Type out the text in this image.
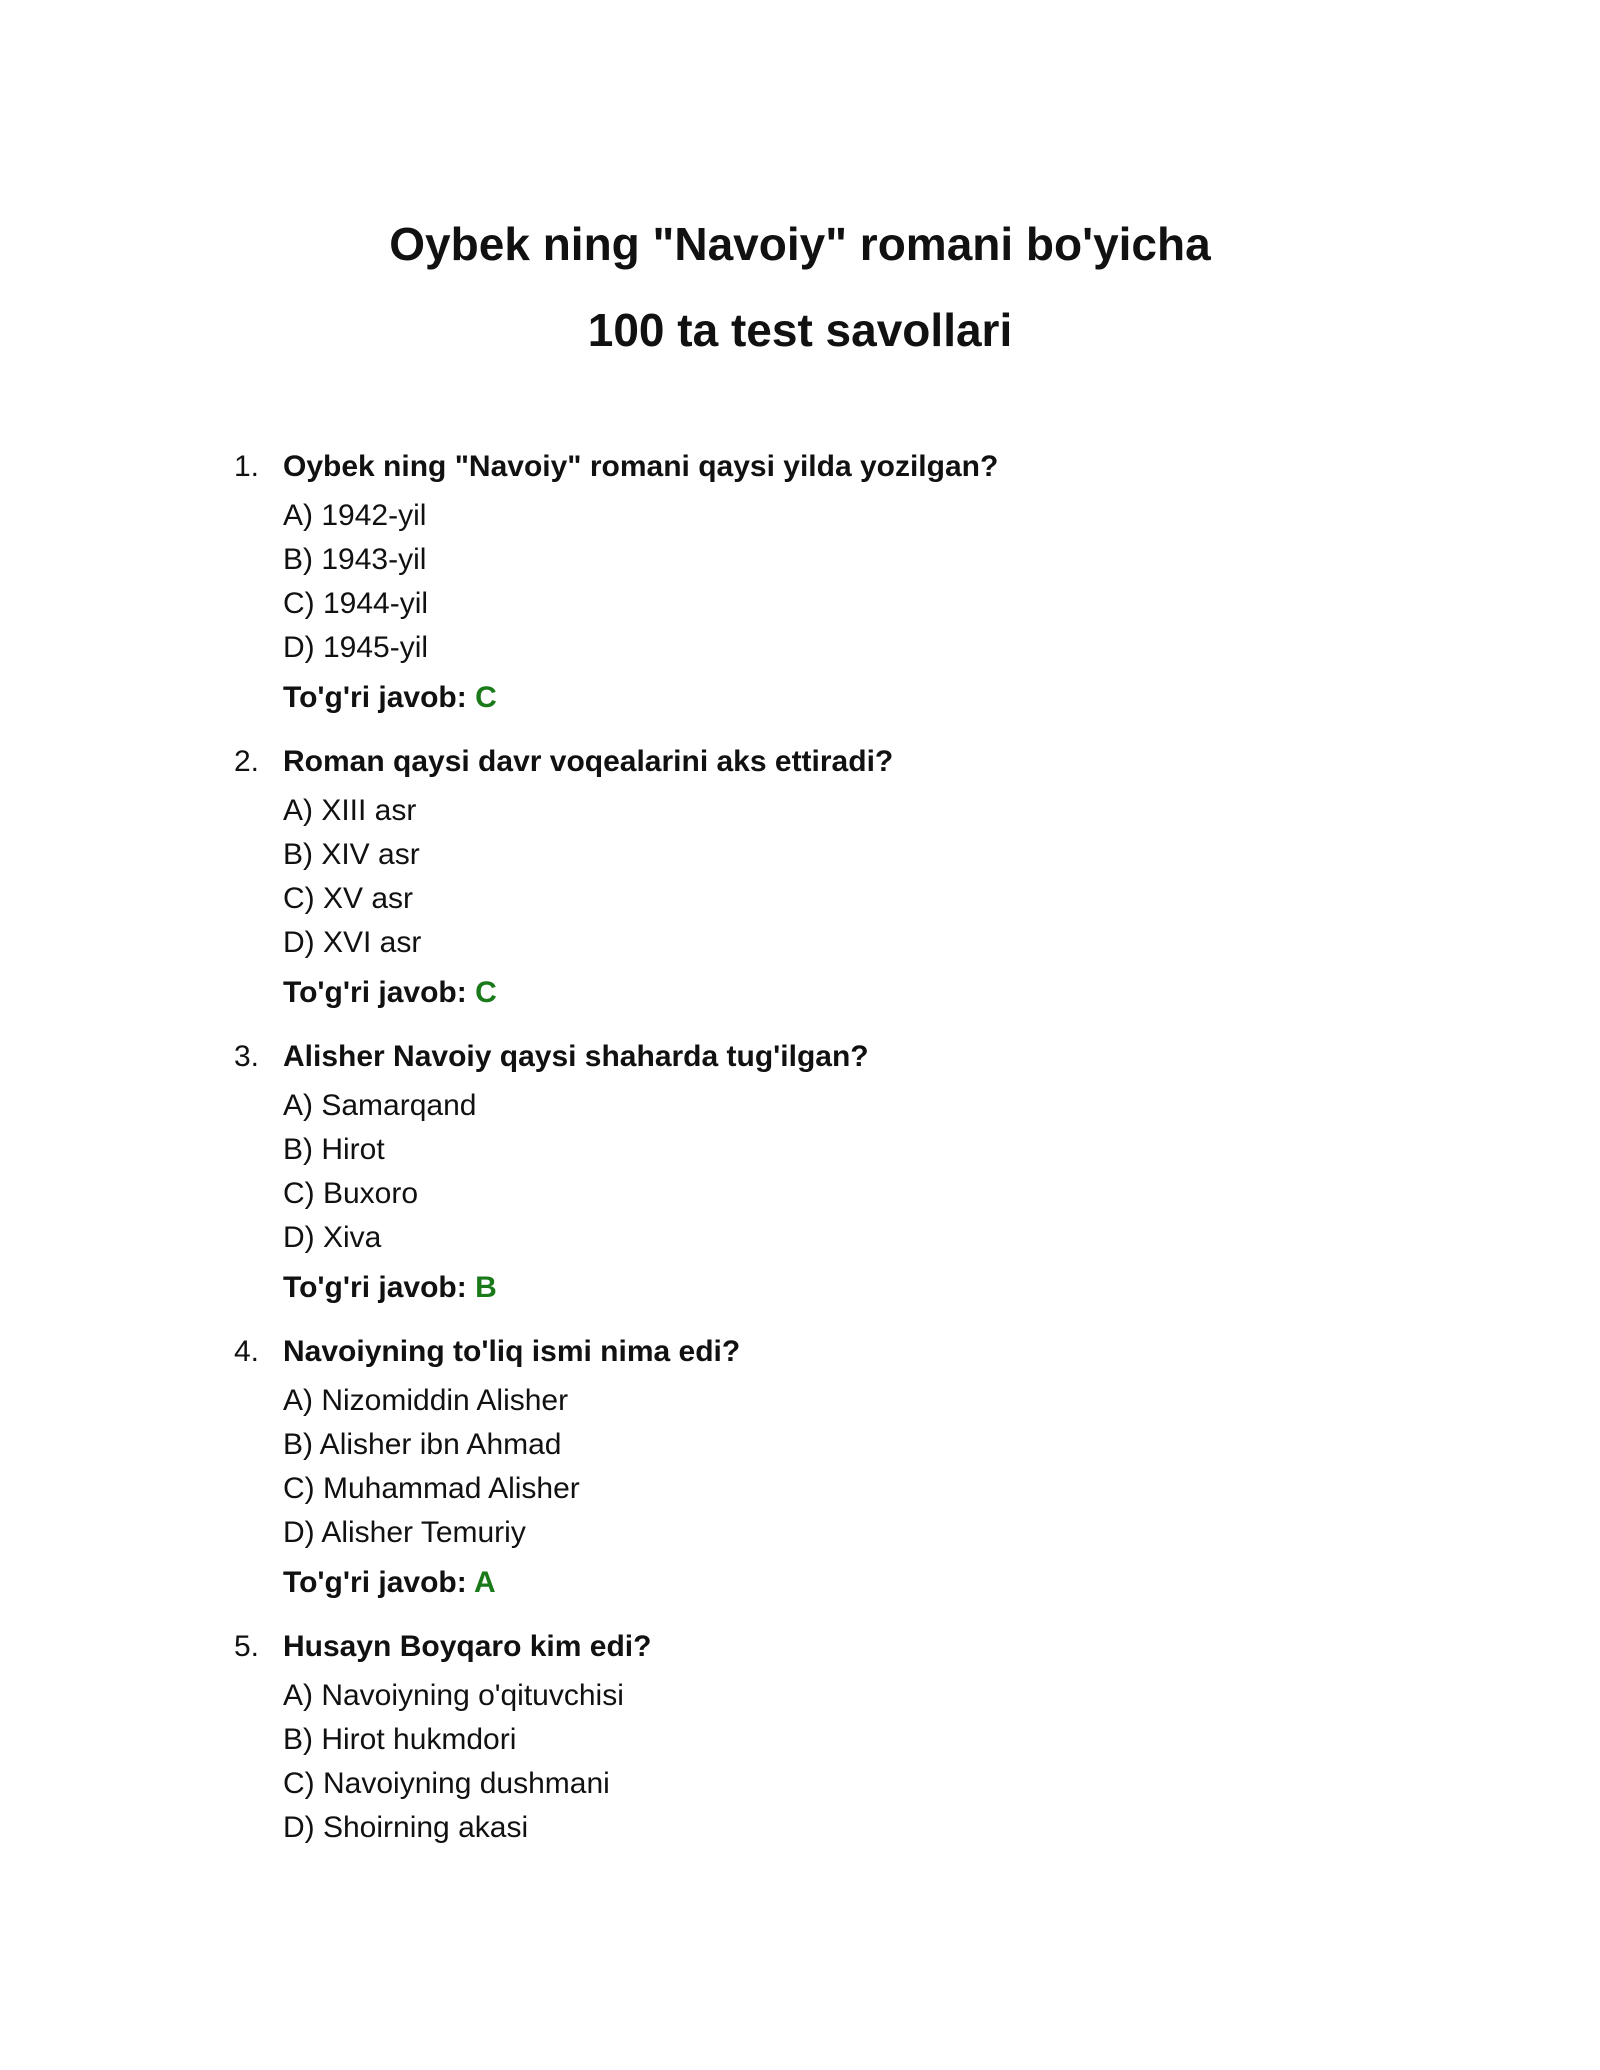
Oybek ning "Navoiy" romani bo'yicha
100 ta test savollari
1. Oybek ning "Navoiy" romani qaysi yilda yozilgan?
A) 1942-yil
B) 1943-yil
C) 1944-yil
D) 1945-yil
To'g'ri javob: C
2. Roman qaysi davr voqealarini aks ettiradi?
A) XIII asr
B) XIV asr
C) XV asr
D) XVI asr
To'g'ri javob: C
3. Alisher Navoiy qaysi shaharda tug'ilgan?
A) Samarqand
B) Hirot
C) Buxoro
D) Xiva
To'g'ri javob: B
4. Navoiyning to'liq ismi nima edi?
A) Nizomiddin Alisher
B) Alisher ibn Ahmad
C) Muhammad Alisher
D) Alisher Temuriy
To'g'ri javob: A
5. Husayn Boyqaro kim edi?
A) Navoiyning o'qituvchisi
B) Hirot hukmdori
C) Navoiyning dushmani
D) Shoirning akasi
